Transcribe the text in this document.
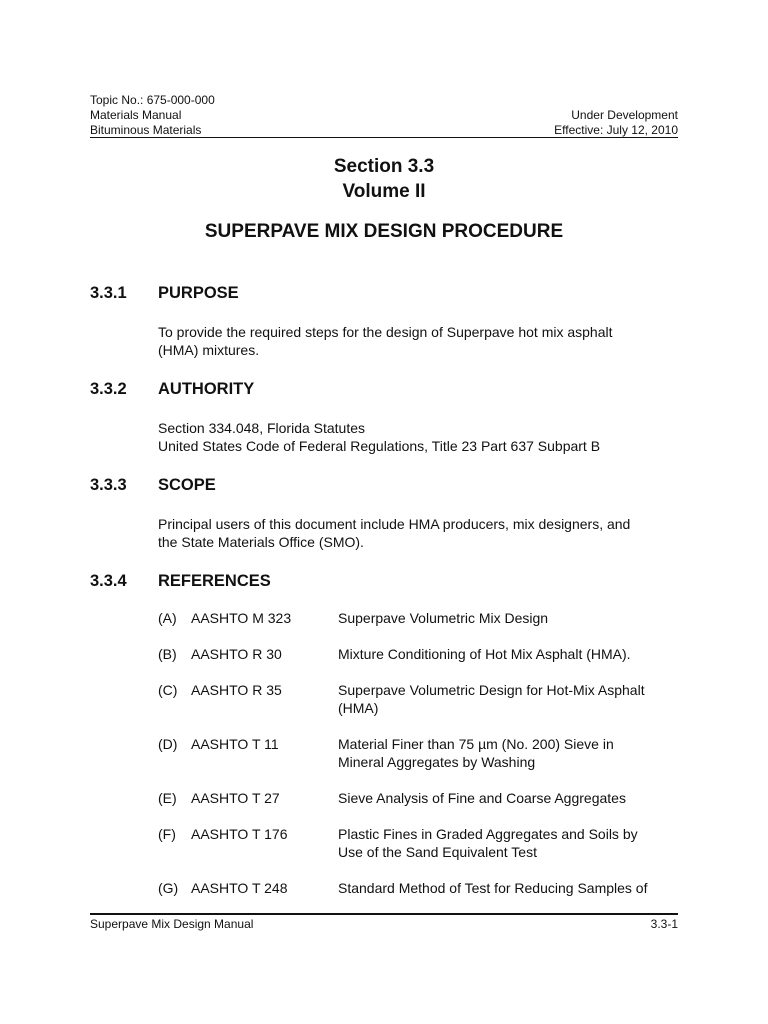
Topic No.: 675-000-000
Materials Manual
Bituminous Materials
Under Development
Effective: July 12, 2010
Section 3.3
Volume II
SUPERPAVE MIX DESIGN PROCEDURE
3.3.1	PURPOSE
To provide the required steps for the design of Superpave hot mix asphalt
(HMA) mixtures.
3.3.2	AUTHORITY
Section 334.048, Florida Statutes
United States Code of Federal Regulations, Title 23 Part 637 Subpart B
3.3.3	SCOPE
Principal users of this document include HMA producers, mix designers, and
the State Materials Office (SMO).
3.3.4	REFERENCES
(A)	AASHTO M 323	Superpave Volumetric Mix Design
(B)	AASHTO R 30	Mixture Conditioning of Hot Mix Asphalt (HMA).
(C) AASHTO R 35	Superpave Volumetric Design for Hot-Mix Asphalt
(HMA)
(D) AASHTO T 11	Material Finer than 75 µm (No. 200) Sieve in
Mineral Aggregates by Washing
(E)	AASHTO T 27	Sieve Analysis of Fine and Coarse Aggregates
(F)	AASHTO T 176	Plastic Fines in Graded Aggregates and Soils by
Use of the Sand Equivalent Test
(G) AASHTO T 248	Standard Method of Test for Reducing Samples of
Superpave Mix Design Manual	3.3-1
